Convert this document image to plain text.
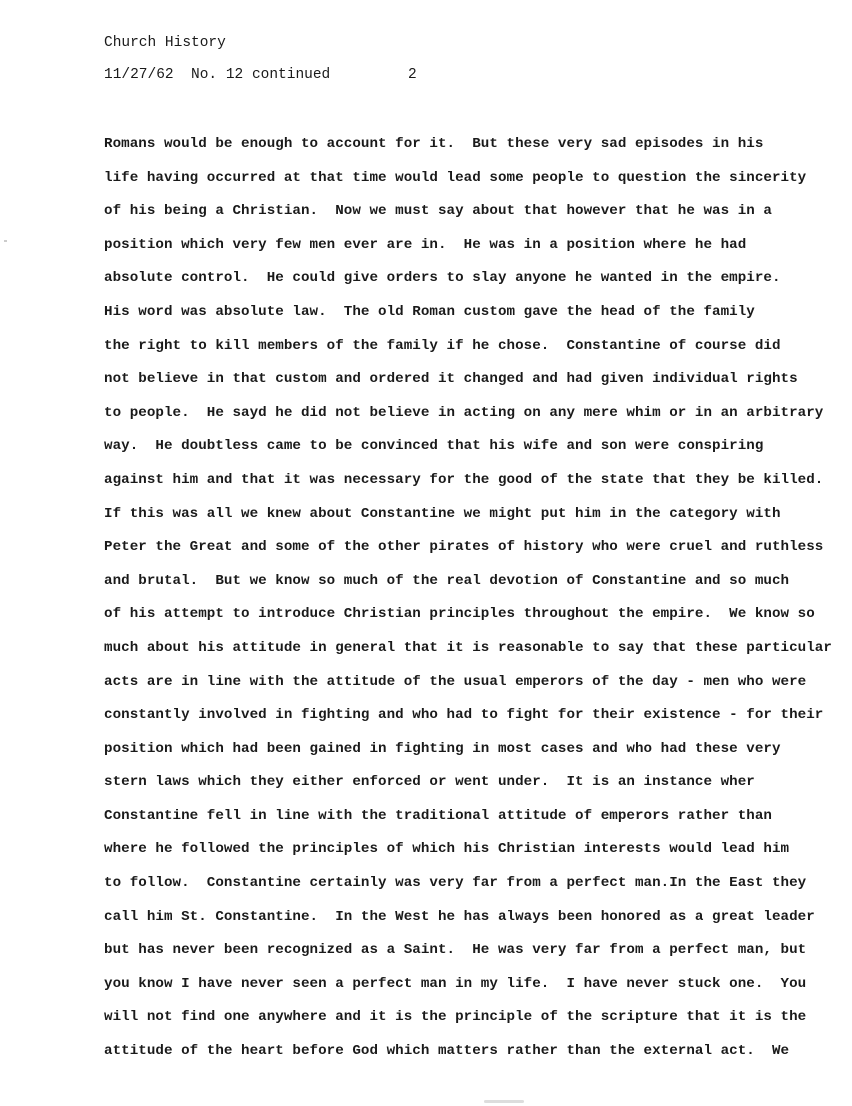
Church History
11/27/62 No. 12 continued	2
Romans would be enough to account for it.  But these very sad episodes in his
life having occurred at that time would lead some people to question the sincerity
of his being a Christian.  Now we must say about that however that he was in a
position which very few men ever are in.  He was in a position where he had
absolute control.  He could give orders to slay anyone he wanted in the empire.
His word was absolute law.  The old Roman custom gave the head of the family
the right to kill members of the family if he chose.  Constantine of course did
not believe in that custom and ordered it changed and had given individual rights
to people.  He sayd he did not believe in acting on any mere whim or in an arbitrary
way.  He doubtless came to be convinced that his wife and son were conspiring
against him and that it was necessary for the good of the state that they be killed.
If this was all we knew about Constantine we might put him in the category with
Peter the Great and some of the other pirates of history who were cruel and ruthless
and brutal.  But we know so much of the real devotion of Constantine and so much
of his attempt to introduce Christian principles throughout the empire.  We know so
much about his attitude in general that it is reasonable to say that these particular
acts are in line with the attitude of the usual emperors of the day - men who were
constantly involved in fighting and who had to fight for their existence - for their
position which had been gained in fighting in most cases and who had these very
stern laws which they either enforced or went under.  It is an instance wher
Constantine fell in line with the traditional attitude of emperors rather than
where he followed the principles of which his Christian interests would lead him
to follow.  Constantine certainly was very far from a perfect man.In the East they
call him St. Constantine.  In the West he has always been honored as a great leader
but has never been recognized as a Saint.  He was very far from a perfect man, but
you know I have never seen a perfect man in my life.  I have never stuck one.  You
will not find one anywhere and it is the principle of the scripture that it is the
attitude of the heart before God which matters rather than the external act.  We
